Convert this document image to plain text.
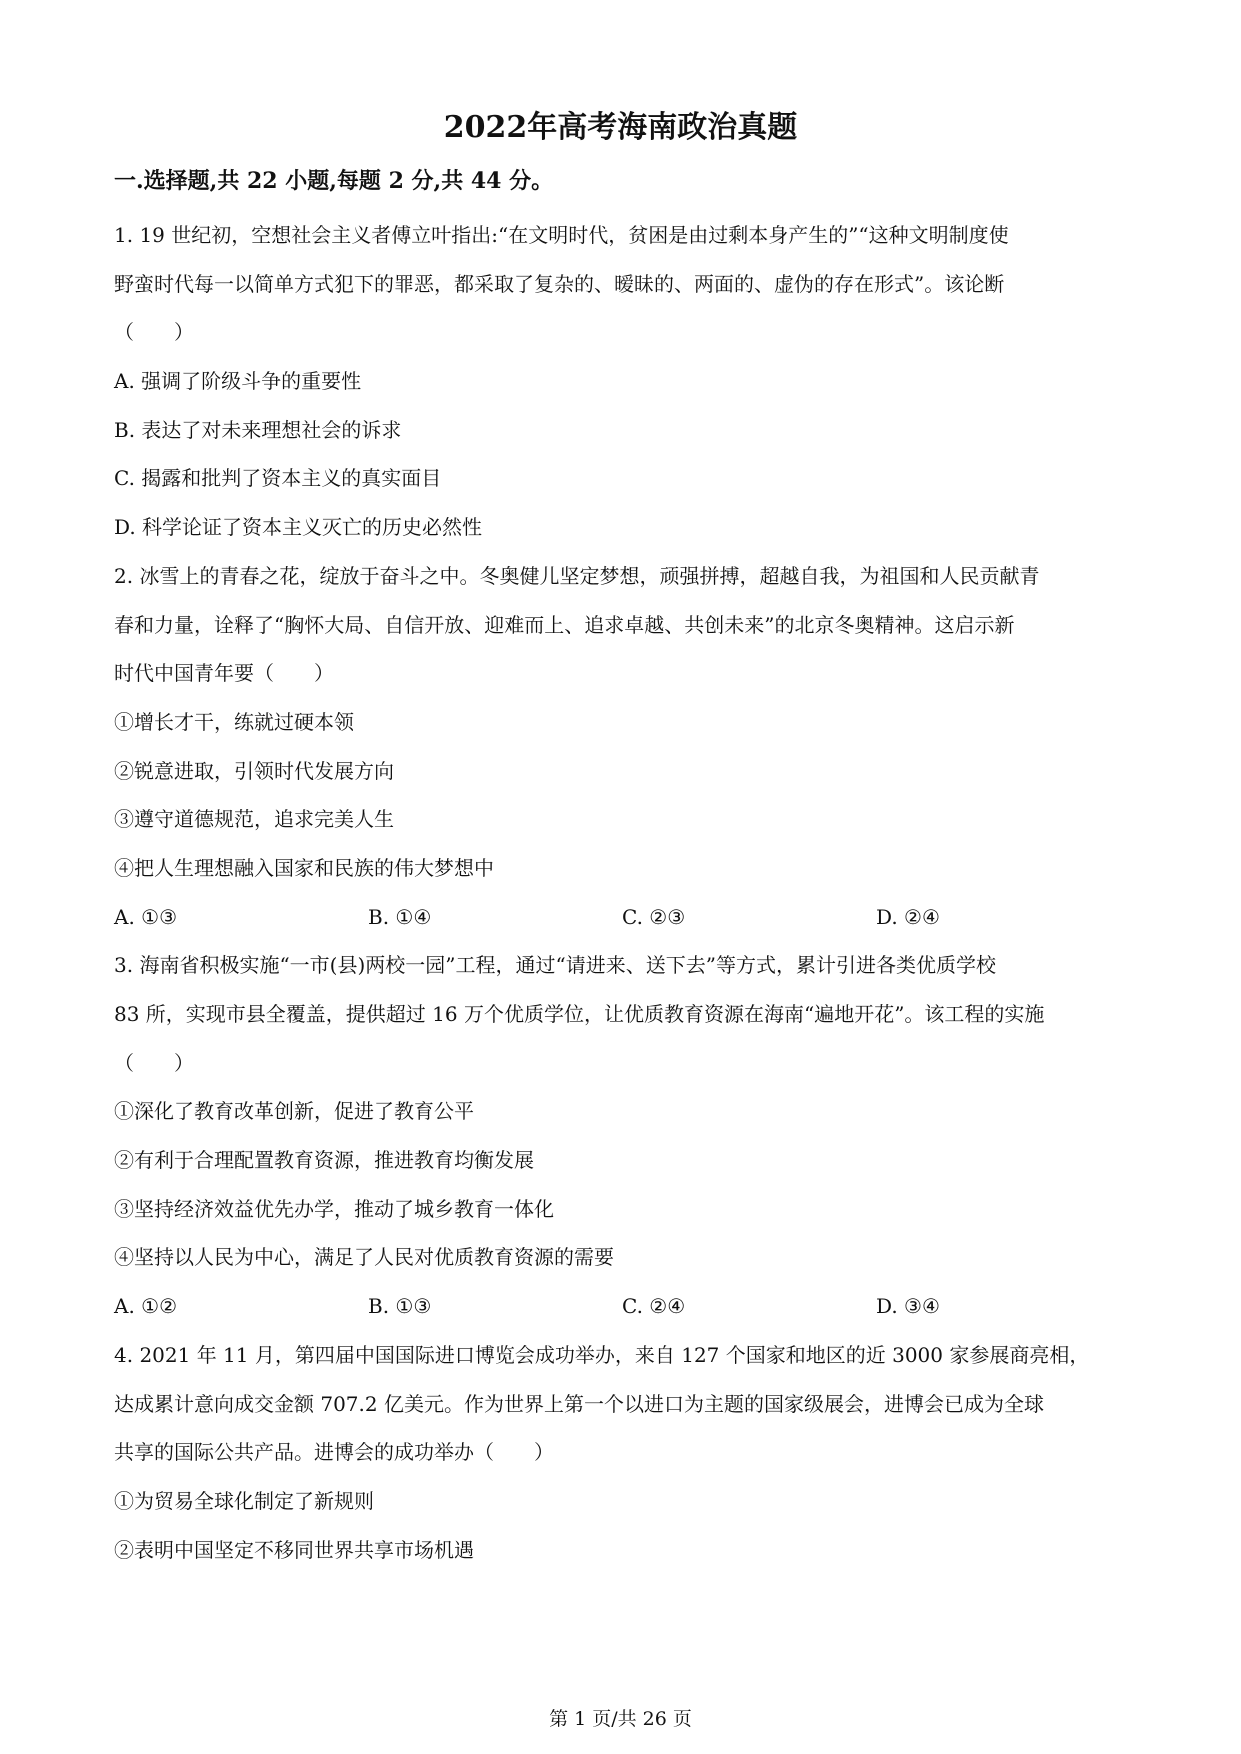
2022年高考海南政治真题
一.选择题,共 22 小题,每题 2 分,共 44 分。
1. 19 世纪初，空想社会主义者傅立叶指出:“在文明时代，贫困是由过剩本身产生的”“这种文明制度使
野蛮时代每一以简单方式犯下的罪恶，都采取了复杂的、暧昧的、两面的、虚伪的存在形式”。该论断
（　　）
A. 强调了阶级斗争的重要性
B. 表达了对未来理想社会的诉求
C. 揭露和批判了资本主义的真实面目
D. 科学论证了资本主义灭亡的历史必然性
2. 冰雪上的青春之花，绽放于奋斗之中。冬奥健儿坚定梦想，顽强拼搏，超越自我，为祖国和人民贡献青
春和力量，诠释了“胸怀大局、自信开放、迎难而上、追求卓越、共创未来”的北京冬奥精神。这启示新
时代中国青年要（　　）
①增长才干，练就过硬本领
②锐意进取，引领时代发展方向
③遵守道德规范，追求完美人生
④把人生理想融入国家和民族的伟大梦想中
A. ①③	B. ①④	C. ②③	D. ②④
3. 海南省积极实施“一市(县)两校一园”工程，通过“请进来、送下去”等方式，累计引进各类优质学校
83 所，实现市县全覆盖，提供超过 16 万个优质学位，让优质教育资源在海南“遍地开花”。该工程的实施
（　　）
①深化了教育改革创新，促进了教育公平
②有利于合理配置教育资源，推进教育均衡发展
③坚持经济效益优先办学，推动了城乡教育一体化
④坚持以人民为中心，满足了人民对优质教育资源的需要
A. ①②	B. ①③	C. ②④	D. ③④
4. 2021 年 11 月，第四届中国国际进口博览会成功举办，来自 127 个国家和地区的近 3000 家参展商亮相，
达成累计意向成交金额 707.2 亿美元。作为世界上第一个以进口为主题的国家级展会，进博会已成为全球
共享的国际公共产品。进博会的成功举办（　　）
①为贸易全球化制定了新规则
②表明中国坚定不移同世界共享市场机遇
第 1 页/共 26 页
